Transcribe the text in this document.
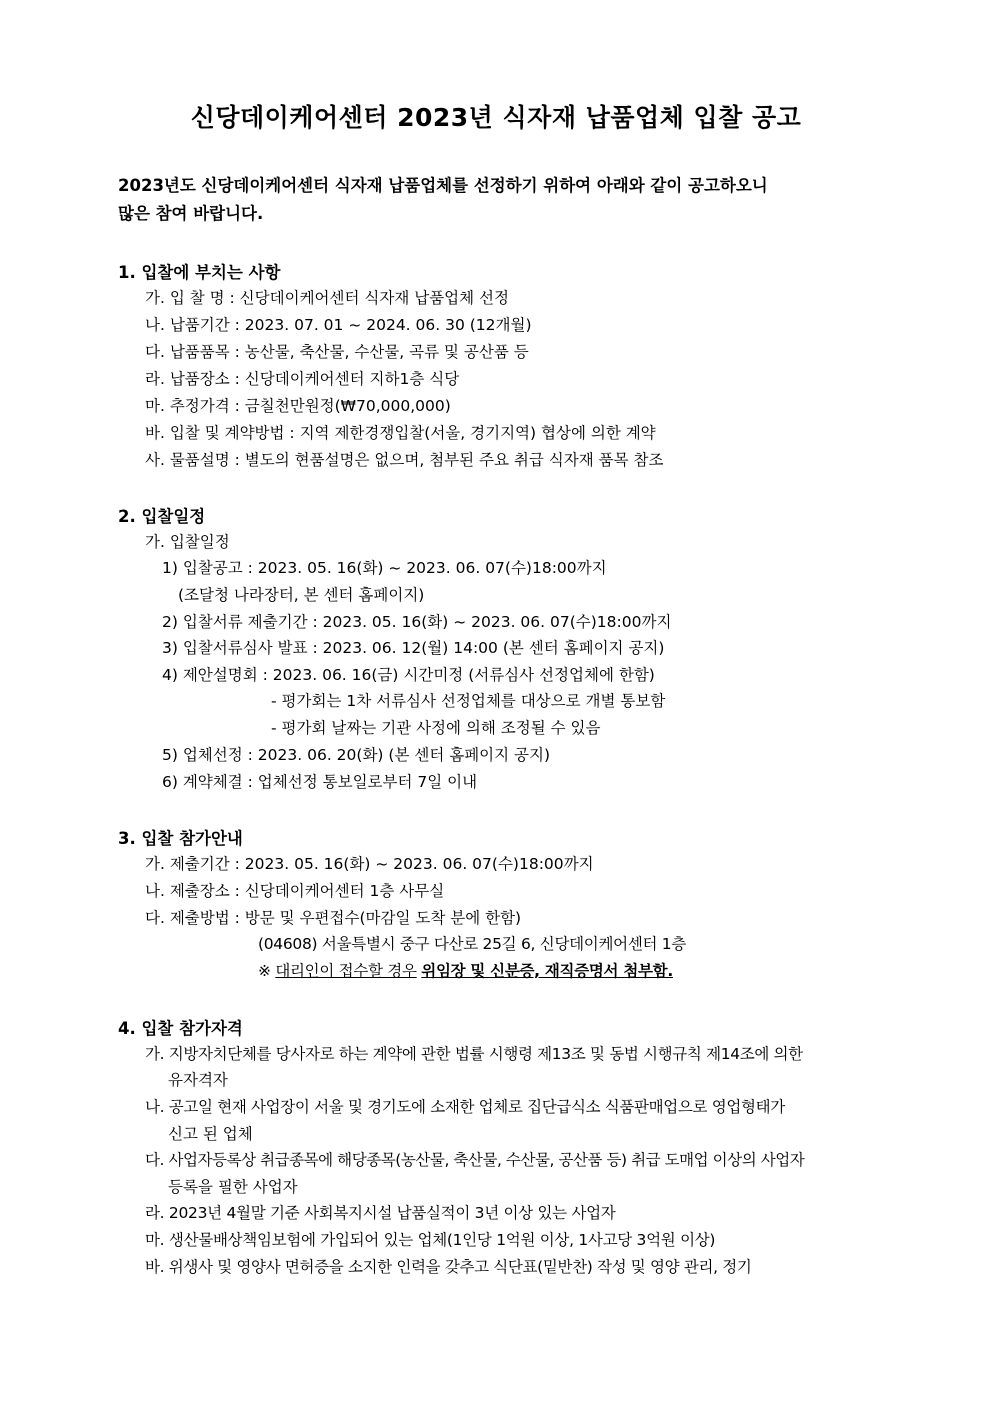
신당데이케어센터 2023년 식자재 납품업체 입찰 공고
2023년도 신당데이케어센터 식자재 납품업체를 선정하기 위하여 아래와 같이 공고하오니
많은 참여 바랍니다.
1. 입찰에 부치는 사항
가. 입 찰 명 : 신당데이케어센터 식자재 납품업체 선정
나. 납품기간 : 2023. 07. 01 ~ 2024. 06. 30 (12개월)
다. 납품품목 : 농산물, 축산물, 수산물, 곡류 및 공산품 등
라. 납품장소 : 신당데이케어센터 지하1층 식당
마. 추정가격 : 금칠천만원정(₩70,000,000)
바. 입찰 및 계약방법 : 지역 제한경쟁입찰(서울, 경기지역) 협상에 의한 계약
사. 물품설명 : 별도의 현품설명은 없으며, 첨부된 주요 취급 식자재 품목 참조
2. 입찰일정
가. 입찰일정
1) 입찰공고 : 2023. 05. 16(화) ~ 2023. 06. 07(수)18:00까지
(조달청 나라장터, 본 센터 홈페이지)
2) 입찰서류 제출기간 : 2023. 05. 16(화) ~ 2023. 06. 07(수)18:00까지
3) 입찰서류심사 발표 : 2023. 06. 12(월) 14:00 (본 센터 홈페이지 공지)
4) 제안설명회 : 2023. 06. 16(금) 시간미정 (서류심사 선정업체에 한함)
- 평가회는 1차 서류심사 선정업체를 대상으로 개별 통보함
- 평가회 날짜는 기관 사정에 의해 조정될 수 있음
5) 업체선정 : 2023. 06. 20(화) (본 센터 홈페이지 공지)
6) 계약체결 : 업체선정 통보일로부터 7일 이내
3. 입찰 참가안내
가. 제출기간 : 2023. 05. 16(화) ~ 2023. 06. 07(수)18:00까지
나. 제출장소 : 신당데이케어센터 1층 사무실
다. 제출방법 : 방문 및 우편접수(마감일 도착 분에 한함)
(04608) 서울특별시 중구 다산로 25길 6, 신당데이케어센터 1층
※ 대리인이 접수할 경우 위임장 및 신분증, 재직증명서 첨부함.
4. 입찰 참가자격
가. 지방자치단체를 당사자로 하는 계약에 관한 법률 시행령 제13조 및 동법 시행규칙 제14조에 의한
유자격자
나. 공고일 현재 사업장이 서울 및 경기도에 소재한 업체로 집단급식소 식품판매업으로 영업형태가
신고 된 업체
다. 사업자등록상 취급종목에 해당종목(농산물, 축산물, 수산물, 공산품 등) 취급 도매업 이상의 사업자
등록을 필한 사업자
라. 2023년 4월말 기준 사회복지시설 납품실적이 3년 이상 있는 사업자
마. 생산물배상책임보험에 가입되어 있는 업체(1인당 1억원 이상, 1사고당 3억원 이상)
바. 위생사 및 영양사 면허증을 소지한 인력을 갖추고 식단표(밑반찬) 작성 및 영양 관리, 정기
